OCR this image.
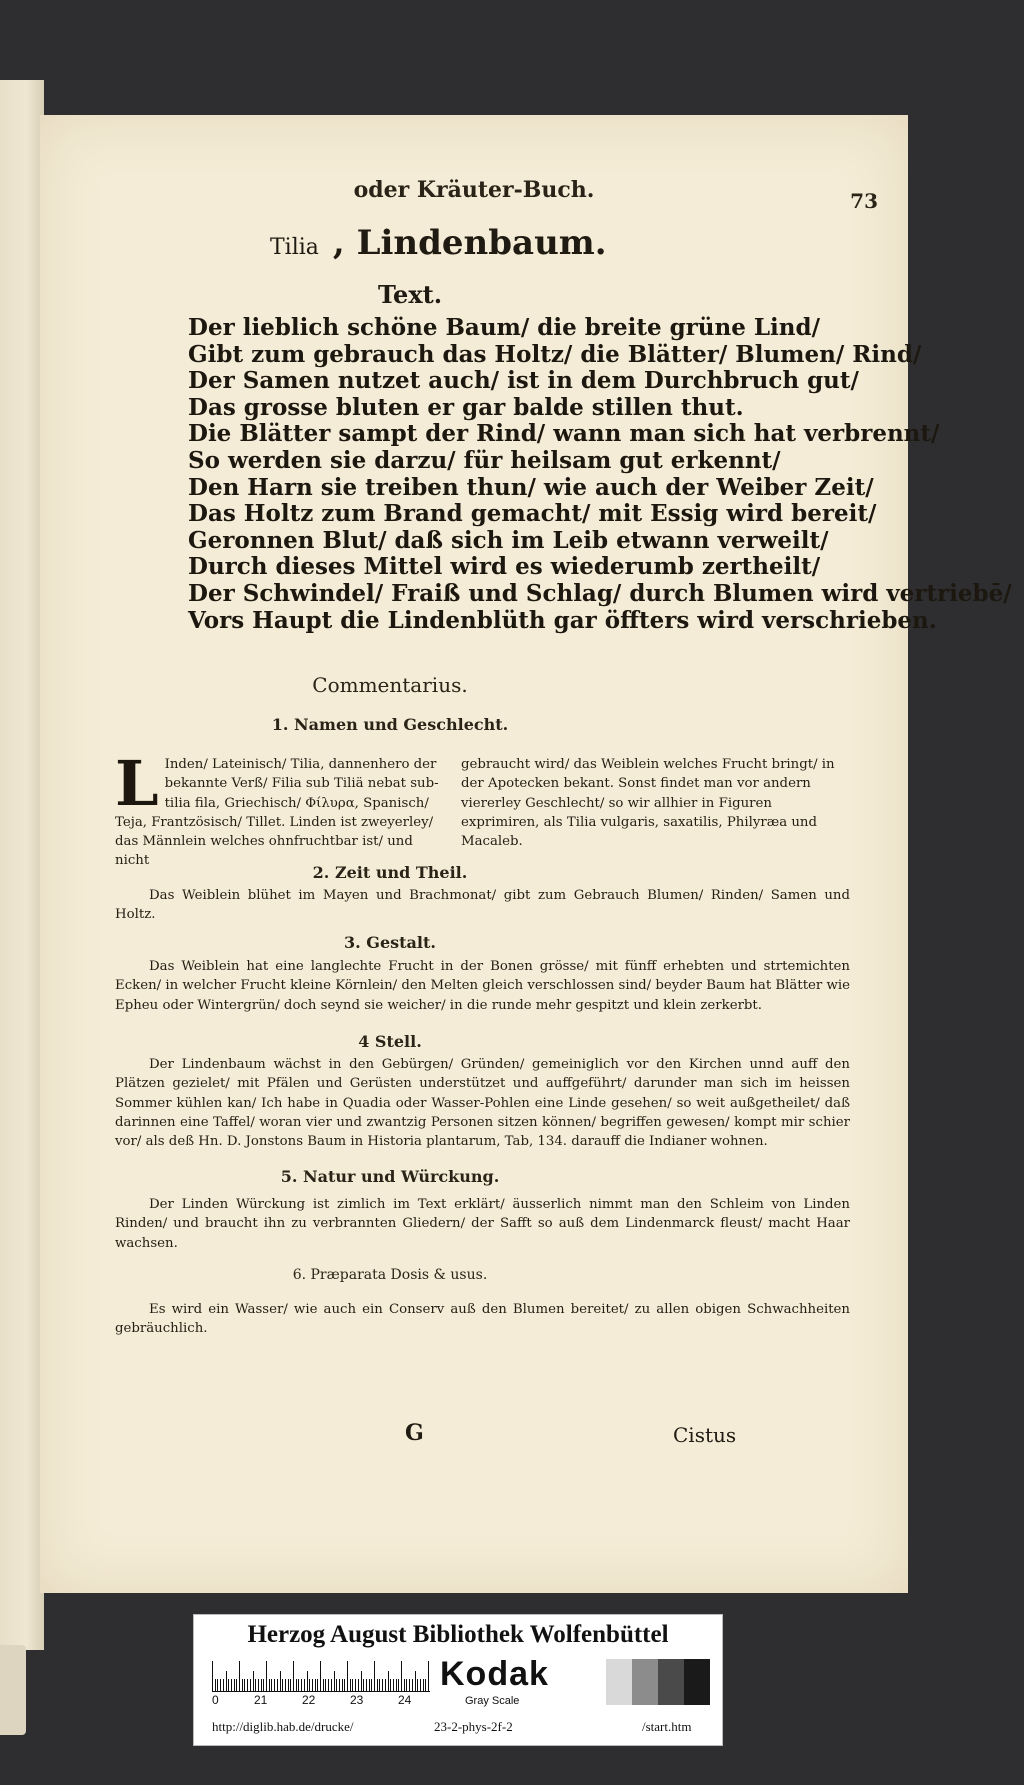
oder Kräuter-Buch.	73
Tilia , Lindenbaum.
Text.
Der lieblich schöne Baum/ die breite grüne Lind/
Gibt zum gebrauch das Holtz/ die Blätter/ Blumen/ Rind/
Der Samen nutzet auch/ ist in dem Durchbruch gut/
Das grosse bluten er gar balde stillen thut.
Die Blätter sampt der Rind/ wann man sich hat verbrennt/
So werden sie darzu/ für heilsam gut erkennt/
Den Harn sie treiben thun/ wie auch der Weiber Zeit/
Das Holtz zum Brand gemacht/ mit Essig wird bereit/
Geronnen Blut/ daß sich im Leib etwann verweilt/
Durch dieses Mittel wird es wiederumb zertheilt/
Der Schwindel/ Fraiß und Schlag/ durch Blumen wird vertriebē/
Vors Haupt die Lindenblüth gar öffters wird verschrieben.
Commentarius.
1. Namen und Geschlecht.
L Inden/ Lateinisch/ Tilia, dannenhero der bekannte Verß/ Filia sub Tiliä nebat sub-tilia fila, Griechisch/ Φίλυρα, Spanisch/ Teja, Frantzösisch/ Tillet. Linden ist zweyerley/ das Männlein welches ohnfruchtbar ist/ und nicht
gebraucht wird/ das Weiblein welches Frucht bringt/ in der Apotecken bekant. Sonst findet man vor andern viererley Geschlecht/ so wir allhier in Figuren exprimiren, als Tilia vulgaris, saxatilis, Philyræa und Macaleb.
2. Zeit und Theil.
Das Weiblein blühet im Mayen und Brachmonat/ gibt zum Gebrauch Blumen/ Rinden/ Samen und Holtz.
3. Gestalt.
Das Weiblein hat eine langlechte Frucht in der Bonen grösse/ mit fünff erhebten und strtemichten Ecken/ in welcher Frucht kleine Körnlein/ den Melten gleich verschlossen sind/ beyder Baum hat Blätter wie Epheu oder Wintergrün/ doch seynd sie weicher/ in die runde mehr gespitzt und klein zerkerbt.
4 Stell.
Der Lindenbaum wächst in den Gebürgen/ Gründen/ gemeiniglich vor den Kirchen unnd auff den Plätzen gezielet/ mit Pfälen und Gerüsten understützet und auffgeführt/ darunder man sich im heissen Sommer kühlen kan/ Ich habe in Quadia oder Wasser-Pohlen eine Linde gesehen/ so weit außgetheilet/ daß darinnen eine Taffel/ woran vier und zwantzig Personen sitzen können/ begriffen gewesen/ kompt mir schier vor/ als deß Hn. D. Jonstons Baum in Historia plantarum, Tab, 134. darauff die Indianer wohnen.
5. Natur und Würckung.
Der Linden Würckung ist zimlich im Text erklärt/ äusserlich nimmt man den Schleim von Linden Rinden/ und braucht ihn zu verbrannten Gliedern/ der Safft so auß dem Lindenmarck fleust/ macht Haar wachsen.
6. Præparata Dosis & usus.
Es wird ein Wasser/ wie auch ein Conserv auß den Blumen bereitet/ zu allen obigen Schwachheiten gebräuchlich.
G	Cistus
Herzog August Bibliothek Wolfenbüttel
0	21	22	23	24
Kodak
Gray Scale
http://diglib.hab.de/drucke/	23-2-phys-2f-2	/start.htm
